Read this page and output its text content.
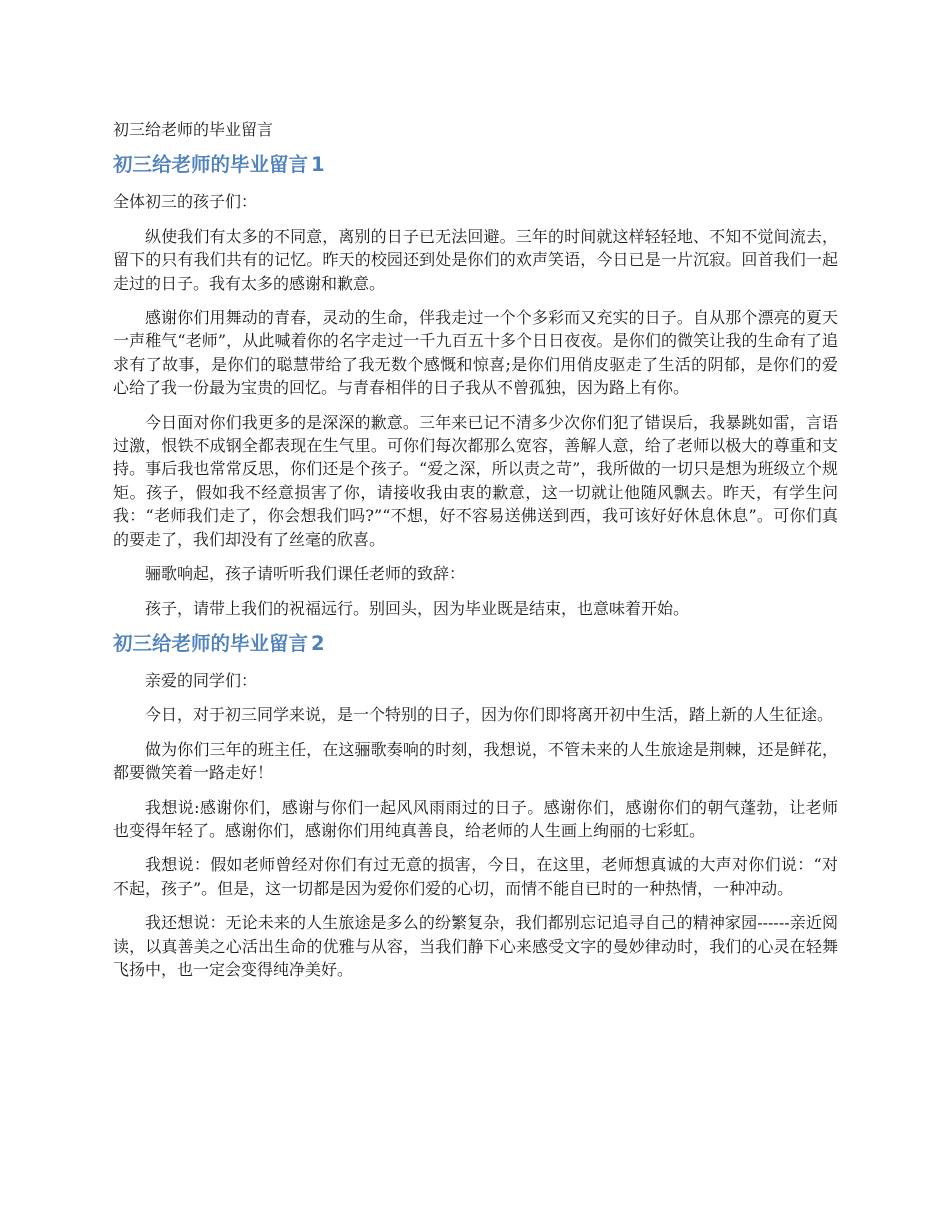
初三给老师的毕业留言
初三给老师的毕业留言 1

全体初三的孩子们：

纵使我们有太多的不同意，离别的日子已无法回避。三年的时间就这样轻轻地、不知不觉间流去，留下的只有我们共有的记忆。昨天的校园还到处是你们的欢声笑语，今日已是一片沉寂。回首我们一起走过的日子。我有太多的感谢和歉意。

感谢你们用舞动的青春，灵动的生命，伴我走过一个个多彩而又充实的日子。自从那个漂亮的夏天一声稚气“老师”，从此喊着你的名字走过一千九百五十多个日日夜夜。是你们的微笑让我的生命有了追求有了故事，是你们的聪慧带给了我无数个感慨和惊喜;是你们用俏皮驱走了生活的阴郁，是你们的爱心给了我一份最为宝贵的回忆。与青春相伴的日子我从不曾孤独，因为路上有你。

今日面对你们我更多的是深深的歉意。三年来已记不清多少次你们犯了错误后，我暴跳如雷，言语过激，恨铁不成钢全都表现在生气里。可你们每次都那么宽容，善解人意，给了老师以极大的尊重和支持。事后我也常常反思，你们还是个孩子。“爱之深，所以责之苛”，我所做的一切只是想为班级立个规矩。孩子，假如我不经意损害了你，请接收我由衷的歉意，这一切就让他随风飘去。昨天，有学生问我：“老师我们走了，你会想我们吗?”“不想，好不容易送佛送到西，我可该好好休息休息”。可你们真的要走了，我们却没有了丝毫的欣喜。

骊歌响起，孩子请听听我们课任老师的致辞：

孩子，请带上我们的祝福远行。别回头，因为毕业既是结束，也意味着开始。

初三给老师的毕业留言 2

亲爱的同学们：

今日，对于初三同学来说，是一个特别的日子，因为你们即将离开初中生活，踏上新的人生征途。

做为你们三年的班主任，在这骊歌奏响的时刻，我想说，不管未来的人生旅途是荆棘，还是鲜花，都要微笑着一路走好！

我想说:感谢你们，感谢与你们一起风风雨雨过的日子。感谢你们，感谢你们的朝气蓬勃，让老师也变得年轻了。感谢你们，感谢你们用纯真善良，给老师的人生画上绚丽的七彩虹。

我想说：假如老师曾经对你们有过无意的损害，今日，在这里，老师想真诚的大声对你们说：“对不起，孩子”。但是，这一切都是因为爱你们爱的心切，而情不能自已时的一种热情，一种冲动。

我还想说：无论未来的人生旅途是多么的纷繁复杂，我们都别忘记追寻自己的精神家园------亲近阅读，以真善美之心活出生命的优雅与从容，当我们静下心来感受文字的曼妙律动时，我们的心灵在轻舞飞扬中，也一定会变得纯净美好。
